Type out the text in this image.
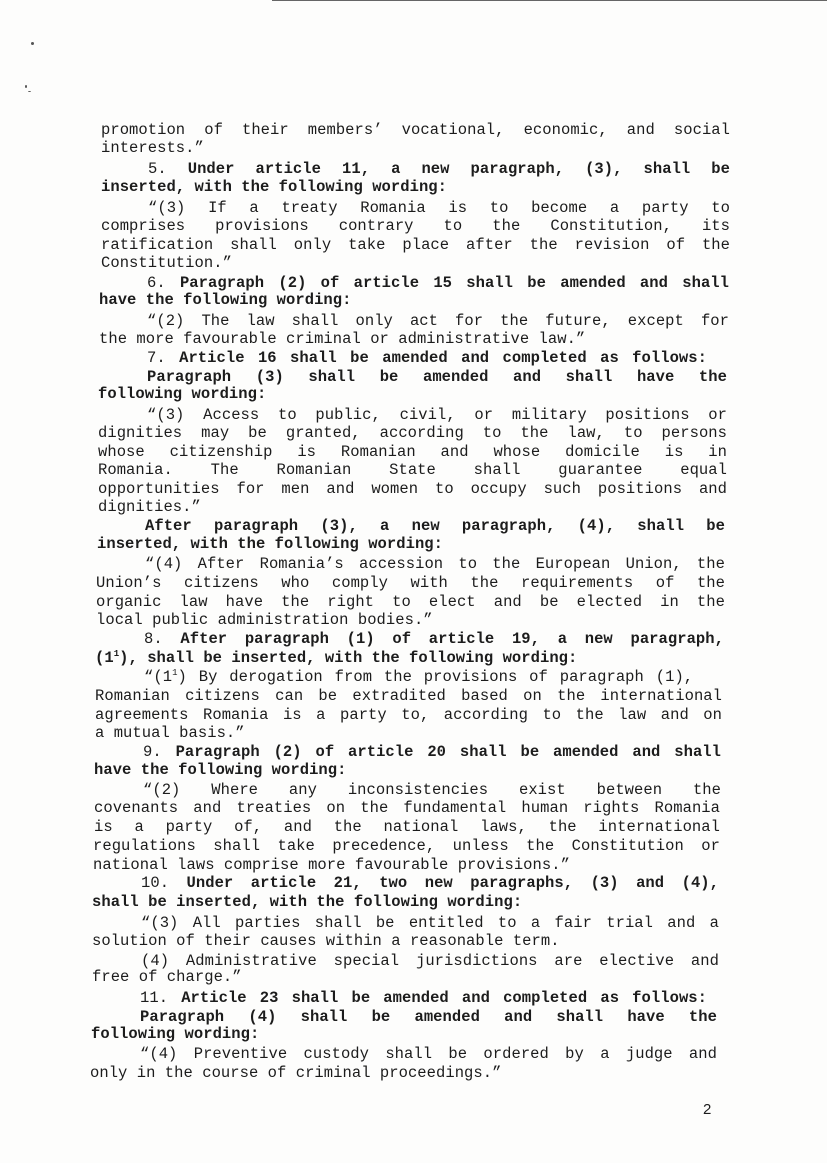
promotion of their members’ vocational, economic, and social

interests.”

5. Under article 11, a new paragraph, (3), shall be

inserted, with the following wording:

“(3) If a treaty Romania is to become a party to

comprises provisions contrary to the Constitution, its

ratification shall only take place after the revision of the

Constitution.”

6. Paragraph (2) of article 15 shall be amended and shall

have the following wording:

“(2) The law shall only act for the future, except for

the more favourable criminal or administrative law.”

7. Article 16 shall be amended and completed as follows:

Paragraph (3) shall be amended and shall have the

following wording:

“(3) Access to public, civil, or military positions or

dignities may be granted, according to the law, to persons

whose citizenship is Romanian and whose domicile is in

Romania. The Romanian State shall guarantee equal

opportunities for men and women to occupy such positions and

dignities.”

After paragraph (3), a new paragraph, (4), shall be

inserted, with the following wording:

“(4) After Romania’s accession to the European Union, the

Union’s citizens who comply with the requirements of the

organic law have the right to elect and be elected in the

local public administration bodies.”

8. After paragraph (1) of article 19, a new paragraph,

$(1^1)$, shall be inserted, with the following wording:

“$(1^1)$ By derogation from the provisions of paragraph (1),

Romanian citizens can be extradited based on the international

agreements Romania is a party to, according to the law and on

a mutual basis.”

9. Paragraph (2) of article 20 shall be amended and shall

have the following wording:

“(2) Where any inconsistencies exist between the

covenants and treaties on the fundamental human rights Romania

is a party of, and the national laws, the international

regulations shall take precedence, unless the Constitution or

national laws comprise more favourable provisions.”

10. Under article 21, two new paragraphs, (3) and (4),

shall be inserted, with the following wording:

“(3) All parties shall be entitled to a fair trial and a

solution of their causes within a reasonable term.

(4) Administrative special jurisdictions are elective and

free of charge.”

11. Article 23 shall be amended and completed as follows:

Paragraph (4) shall be amended and shall have the

following wording:

“(4) Preventive custody shall be ordered by a judge and

only in the course of criminal proceedings.”

2
